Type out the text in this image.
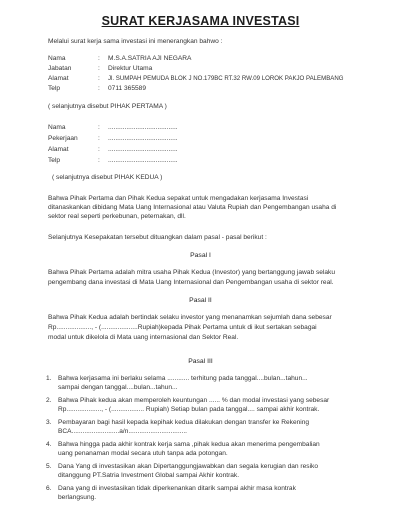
SURAT KERJASAMA INVESTASI
Melalui surat kerja sama investasi ini menerangkan bahwo :
Nama	: M.S.A.SATRIA AJI NEGARA
Jabatan	: Direktur Utama
Alamat	: Jl. SUMPAH PEMUDA BLOK J NO.179BC RT.32 RW.09 LOROK PAKJO PALEMBANG
Telp	: 0711 365589
( selanjutnya disebut PIHAK PERTAMA )
Nama	: ......................................
Pekerjaan	: ......................................
Alamat	: ......................................
Telp	: ......................................
( selanjutnya disebut PIHAK KEDUA )
Bahwa Pihak Pertama dan Pihak Kedua sepakat untuk mengadakan kerjasama Investasi
ditanaskankan dibidang Mata Uang Internasional atau Valuta Rupiah dan Pengembangan usaha di
sektor real seperti perkebunan, peternakan, dll.
Selanjutnya Kesepakatan tersebut dituangkan dalam pasal - pasal berikut :
Pasal I
Bahwa Pihak Pertama adalah mitra usaha Pihak Kedua (Investor) yang bertanggung jawab selaku
pengembang dana investasi di Mata Uang Internasional dan Pengembangan usaha di sektor real.
Pasal II
Bahwa Pihak Kedua adalah bertindak selaku investor yang menanamkan sejumlah dana sebesar
Rp..................., - (....................Rupiah)kepada Pihak Pertama untuk di ikut sertakan sebagai
modal untuk dikelola di Mata uang internasional dan Sektor Real.
Pasal III
1. Bahwa kerjasama ini berlaku selama ............ terhitung pada tanggal....bulan...tahun...
sampai dengan tanggal....bulan...tahun...
2. Bahwa Pihak kedua akan memperoleh keuntungan ...... % dan modal investasi yang sebesar
Rp..................., - (.................. Rupiah) Setiap bulan pada tanggal.... sampai akhir kontrak.
3. Pembayaran bagi hasil kepada kepihak kedua dilakukan dengan transfer ke Rekening
BCA..........................a/n................................
4. Bahwa hingga pada akhir kontrak kerja sama ,pihak kedua akan menerima pengembalian
uang penanaman modal secara utuh tanpa ada potongan.
5. Dana Yang di investasikan akan Dipertanggungjawabkan dan segala kerugian dan resiko
ditanggung PT.Satria Investment Global sampai Akhir kontrak.
6. Dana yang di investasikan tidak diperkenankan ditarik sampai akhir masa kontrak
berlangsung.
